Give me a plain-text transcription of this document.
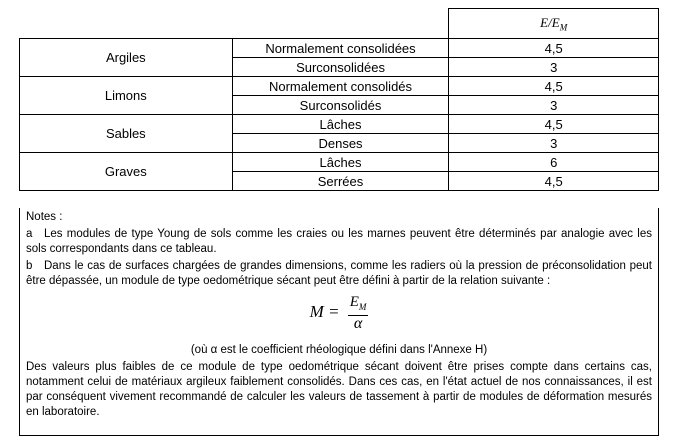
		$E/E_M$
Argiles	Normalement consolidées	4,5
	Surconsolidées	3
Limons	Normalement consolidés	4,5
	Surconsolidés	3
Sables	Lâches	4,5
	Denses	3
Graves	Lâches	6
	Serrées	4,5

Notes :

a Les modules de type Young de sols comme les craies ou les marnes peuvent être déterminés par analogie avec les sols correspondants dans ce tableau.

b Dans le cas de surfaces chargées de grandes dimensions, comme les radiers où la pression de préconsolidation peut être dépassée, un module de type oedométrique sécant peut être défini à partir de la relation suivante :

$M = \frac{E_M}{\alpha}$

(où α est le coefficient rhéologique défini dans l'Annexe H)

Des valeurs plus faibles de ce module de type oedométrique sécant doivent être prises compte dans certains cas, notamment celui de matériaux argileux faiblement consolidés. Dans ces cas, en l'état actuel de nos connaissances, il est par conséquent vivement recommandé de calculer les valeurs de tassement à partir de modules de déformation mesurés en laboratoire.
